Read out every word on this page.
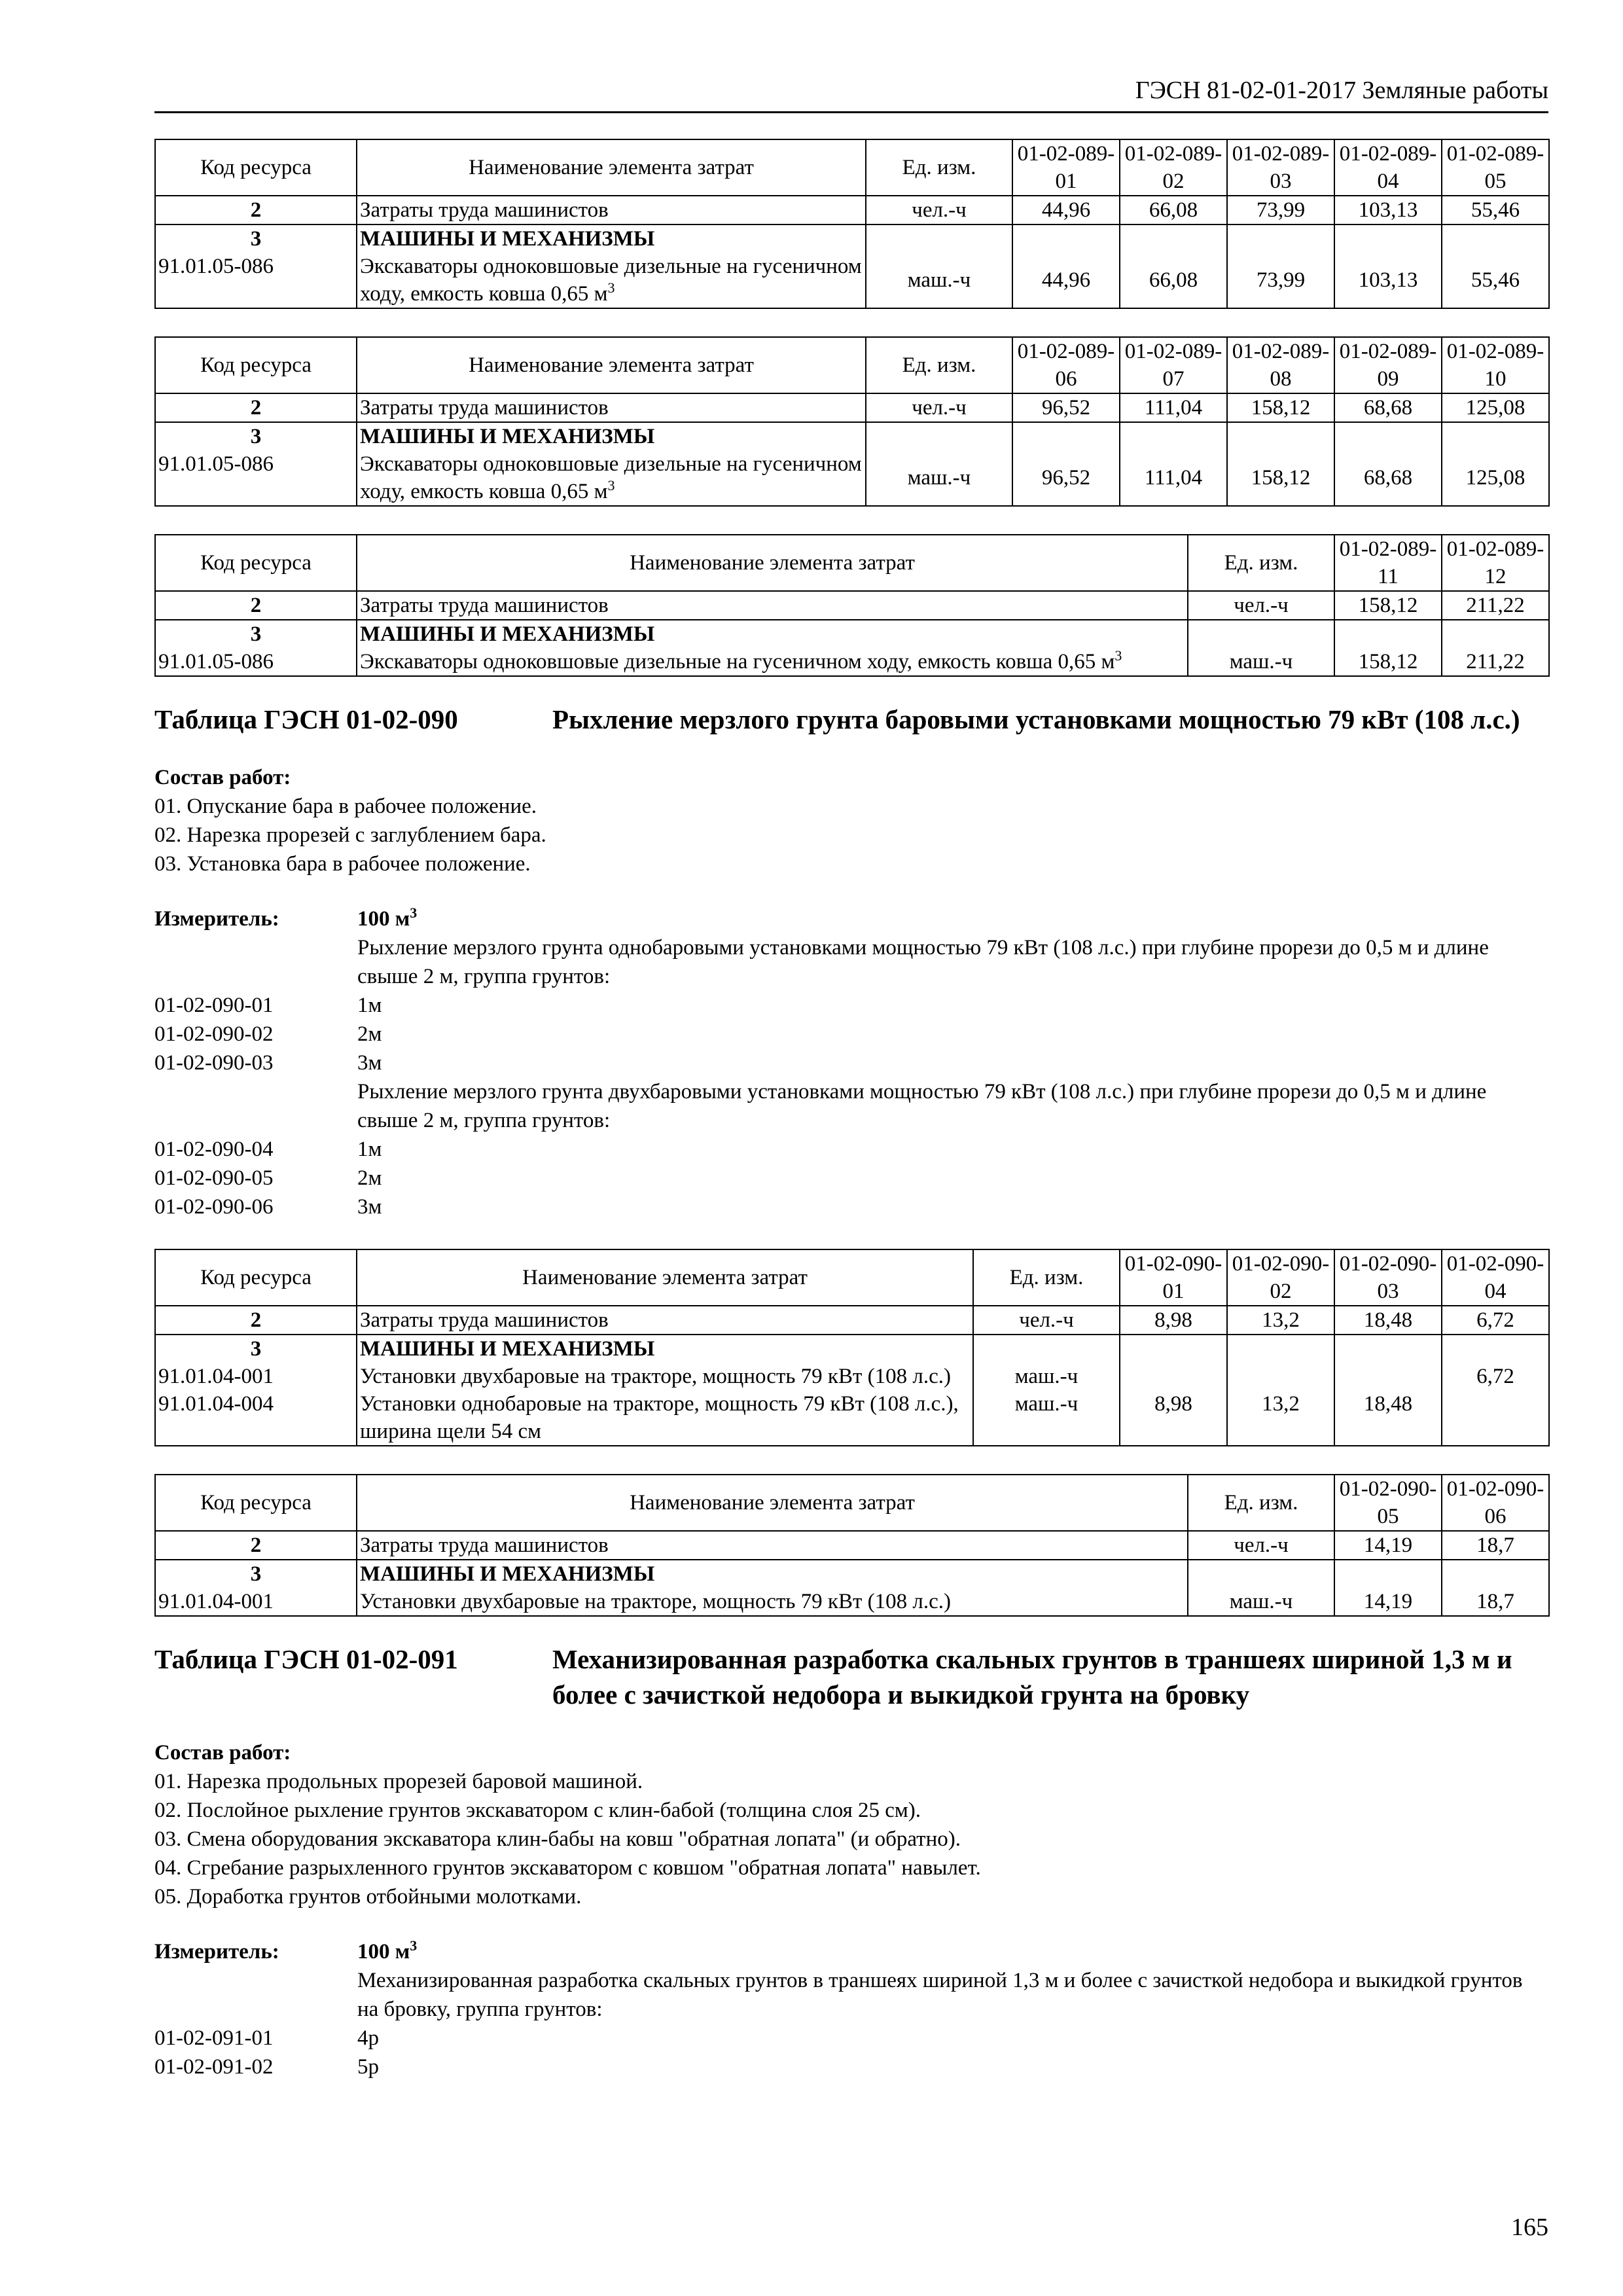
ГЭСН 81-02-01-2017 Земляные работы
Код ресурса	Наименование элемента затрат	Ед. изм.	01-02-089-01	01-02-089-02	01-02-089-03	01-02-089-04	01-02-089-05
2	Затраты труда машинистов	чел.-ч	44,96	66,08	73,99	103,13	55,46
3	МАШИНЫ И МЕХАНИЗМЫ						
91.01.05-086	Экскаваторы одноковшовые дизельные на гусеничном ходу, емкость ковша 0,65 $м^3$	маш.-ч	44,96	66,08	73,99	103,13	55,46
Код ресурса	Наименование элемента затрат	Ед. изм.	01-02-089-06	01-02-089-07	01-02-089-08	01-02-089-09	01-02-089-10
2	Затраты труда машинистов	чел.-ч	96,52	111,04	158,12	68,68	125,08
3	МАШИНЫ И МЕХАНИЗМЫ						
91.01.05-086	Экскаваторы одноковшовые дизельные на гусеничном ходу, емкость ковша 0,65 $м^3$	маш.-ч	96,52	111,04	158,12	68,68	125,08
Код ресурса	Наименование элемента затрат	Ед. изм.	01-02-089-11	01-02-089-12
2	Затраты труда машинистов	чел.-ч	158,12	211,22
3	МАШИНЫ И МЕХАНИЗМЫ			
91.01.05-086	Экскаваторы одноковшовые дизельные на гусеничном ходу, емкость ковша 0,65 $м^3$	маш.-ч	158,12	211,22
Таблица ГЭСН 01-02-090	Рыхление мерзлого грунта баровыми установками мощностью 79 кВт (108 л.с.)
Состав работ:
01. Опускание бара в рабочее положение.
02. Нарезка прорезей с заглублением бара.
03. Установка бара в рабочее положение.
Измеритель:	100 $м^3$
Рыхление мерзлого грунта однобаровыми установками мощностью 79 кВт (108 л.с.) при глубине прорези до 0,5 м и длине свыше 2 м, группа грунтов:
01-02-090-01	1м
01-02-090-02	2м
01-02-090-03	3м
Рыхление мерзлого грунта двухбаровыми установками мощностью 79 кВт (108 л.с.) при глубине прорези до 0,5 м и длине свыше 2 м, группа грунтов:
01-02-090-04	1м
01-02-090-05	2м
01-02-090-06	3м
Код ресурса	Наименование элемента затрат	Ед. изм.	01-02-090-01	01-02-090-02	01-02-090-03	01-02-090-04
2	Затраты труда машинистов	чел.-ч	8,98	13,2	18,48	6,72
3	МАШИНЫ И МЕХАНИЗМЫ					
91.01.04-001	Установки двухбаровые на тракторе, мощность 79 кВт (108 л.с.)	маш.-ч				6,72
91.01.04-004	Установки однобаровые на тракторе, мощность 79 кВт (108 л.с.), ширина щели 54 см	маш.-ч	8,98	13,2	18,48	
Код ресурса	Наименование элемента затрат	Ед. изм.	01-02-090-05	01-02-090-06
2	Затраты труда машинистов	чел.-ч	14,19	18,7
3	МАШИНЫ И МЕХАНИЗМЫ			
91.01.04-001	Установки двухбаровые на тракторе, мощность 79 кВт (108 л.с.)	маш.-ч	14,19	18,7
Таблица ГЭСН 01-02-091	Механизированная разработка скальных грунтов в траншеях шириной 1,3 м и более с зачисткой недобора и выкидкой грунта на бровку
Состав работ:
01. Нарезка продольных прорезей баровой машиной.
02. Послойное рыхление грунтов экскаватором с клин-бабой (толщина слоя 25 см).
03. Смена оборудования экскаватора клин-бабы на ковш "обратная лопата" (и обратно).
04. Сгребание разрыхленного грунтов экскаватором с ковшом "обратная лопата" навылет.
05. Доработка грунтов отбойными молотками.
Измеритель:	100 $м^3$
Механизированная разработка скальных грунтов в траншеях шириной 1,3 м и более с зачисткой недобора и выкидкой грунтов на бровку, группа грунтов:
01-02-091-01	4р
01-02-091-02	5р
165
